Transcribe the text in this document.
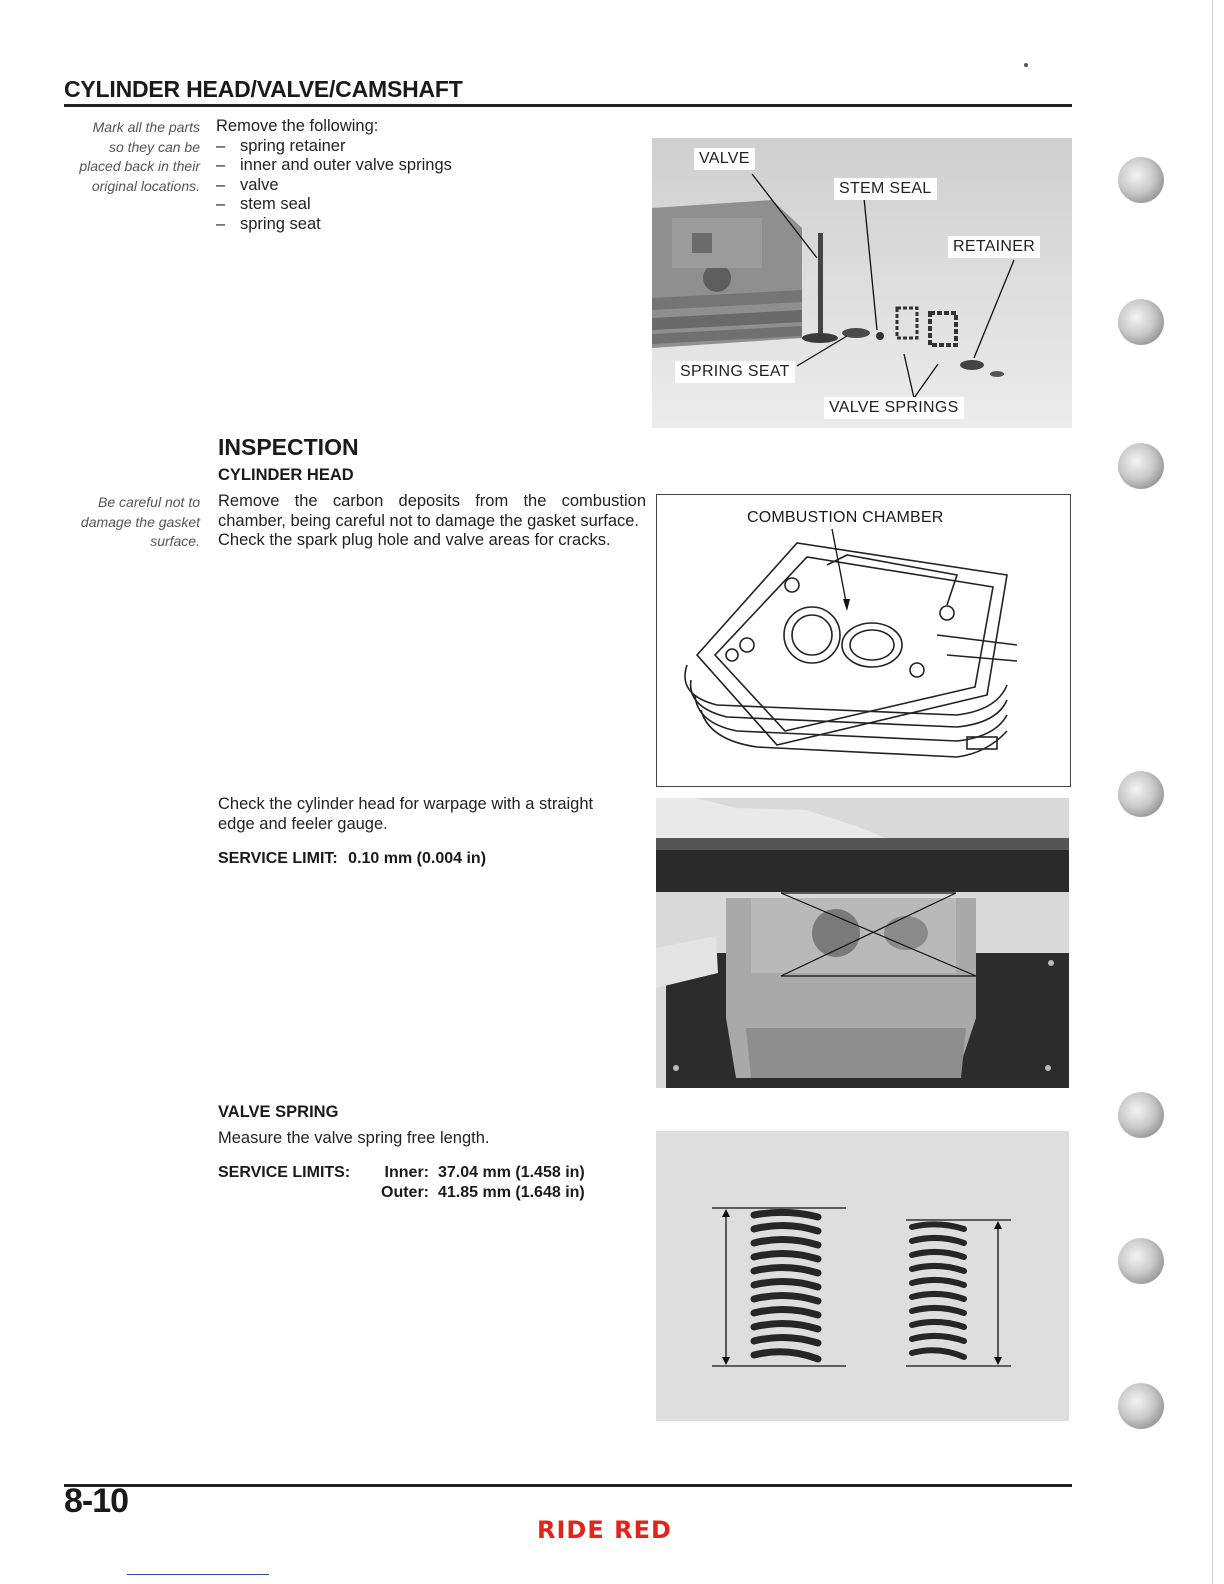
CYLINDER HEAD/VALVE/CAMSHAFT
Mark all the parts
so they can be
placed back in their
original locations.
Remove the following:
– spring retainer
– inner and outer valve springs
– valve
– stem seal
– spring seat
VALVE
STEM SEAL
RETAINER
SPRING SEAT
VALVE SPRINGS
INSPECTION
CYLINDER HEAD
Be careful not to
damage the gasket
surface.
Remove the carbon deposits from the combustion chamber, being careful not to damage the gasket surface.
Check the spark plug hole and valve areas for cracks.
COMBUSTION CHAMBER
Check the cylinder head for warpage with a straight
edge and feeler gauge.
SERVICE LIMIT: 0.10 mm (0.004 in)
VALVE SPRING
Measure the valve spring free length.
SERVICE LIMITS:	Inner: 37.04 mm (1.458 in)
Outer: 41.85 mm (1.648 in)
8-10
RIDE RED
